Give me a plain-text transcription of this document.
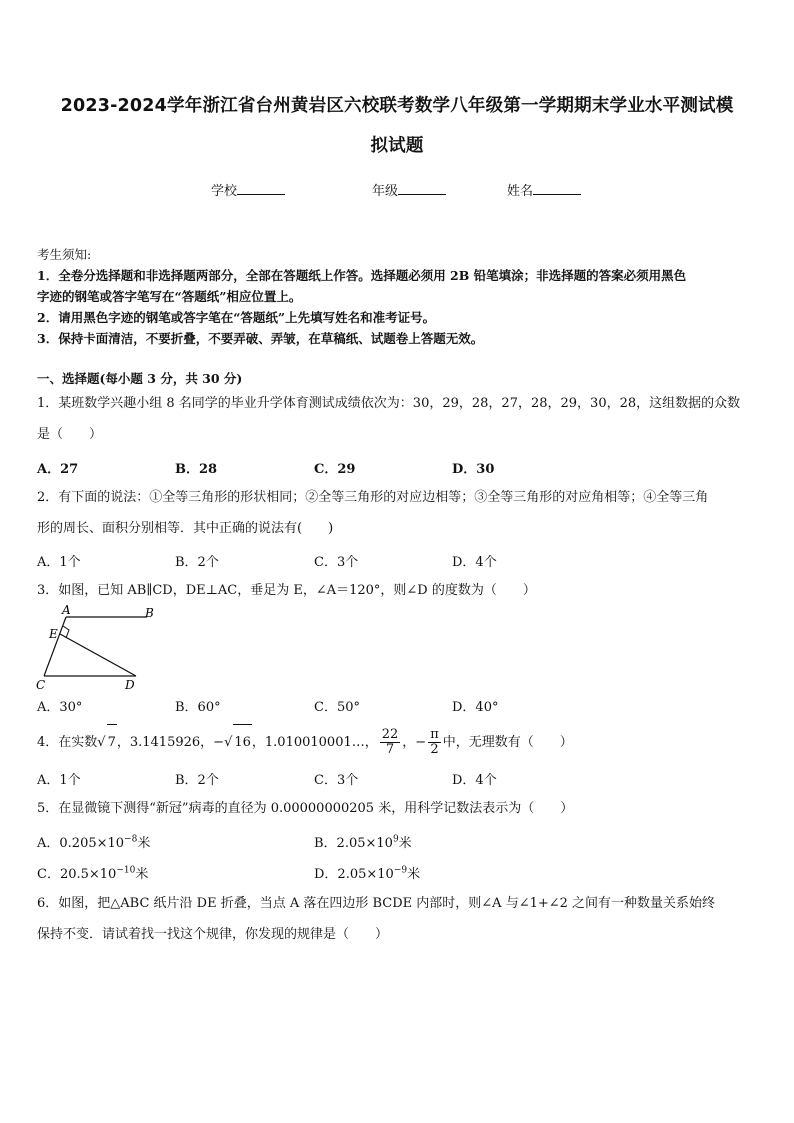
2023-2024学年浙江省台州黄岩区六校联考数学八年级第一学期期末学业水平测试模
拟试题
学校	年级	姓名
考生须知:
1．全卷分选择题和非选择题两部分，全部在答题纸上作答。选择题必须用 2B 铅笔填涂；非选择题的答案必须用黑色
字迹的钢笔或答字笔写在“答题纸”相应位置上。
2．请用黑色字迹的钢笔或答字笔在“答题纸”上先填写姓名和准考证号。
3．保持卡面清洁，不要折叠，不要弄破、弄皱，在草稿纸、试题卷上答题无效。
一、选择题(每小题 3 分，共 30 分)
1．某班数学兴趣小组 8 名同学的毕业升学体育测试成绩依次为：30，29，28，27，28，29，30，28，这组数据的众数
是（　　）
A．27	B．28	C．29	D．30
2．有下面的说法：①全等三角形的形状相同；②全等三角形的对应边相等；③全等三角形的对应角相等；④全等三角
形的周长、面积分别相等．其中正确的说法有(　　)
A．1个	B．2个	C．3个	D．4个
3．如图，已知 AB∥CD，DE⊥AC，垂足为 E，∠A＝120°，则∠D 的度数为（　　）
A	B
E
C	D
A．30°	B．60°	C．50°	D．40°
4．在实数√ 7，3.1415926，−√ 16，1.010010001…， $\frac{22}{7}$ ，− $\frac{\pi}{2}$ 中，无理数有（　　）
A．1个	B．2个	C．3个	D．4个
5．在显微镜下测得“新冠”病毒的直径为 0.00000000205 米，用科学记数法表示为（　　）
A．$0.205\times 10^{-8}$米	B．$2.05\times 10^9$米
C．$20.5\times 10^{-10}$米	D．$2.05\times 10^{-9}$米
6．如图，把△ABC 纸片沿 DE 折叠，当点 A 落在四边形 BCDE 内部时，则∠A 与∠1+∠2 之间有一种数量关系始终
保持不变．请试着找一找这个规律，你发现的规律是（　　）
